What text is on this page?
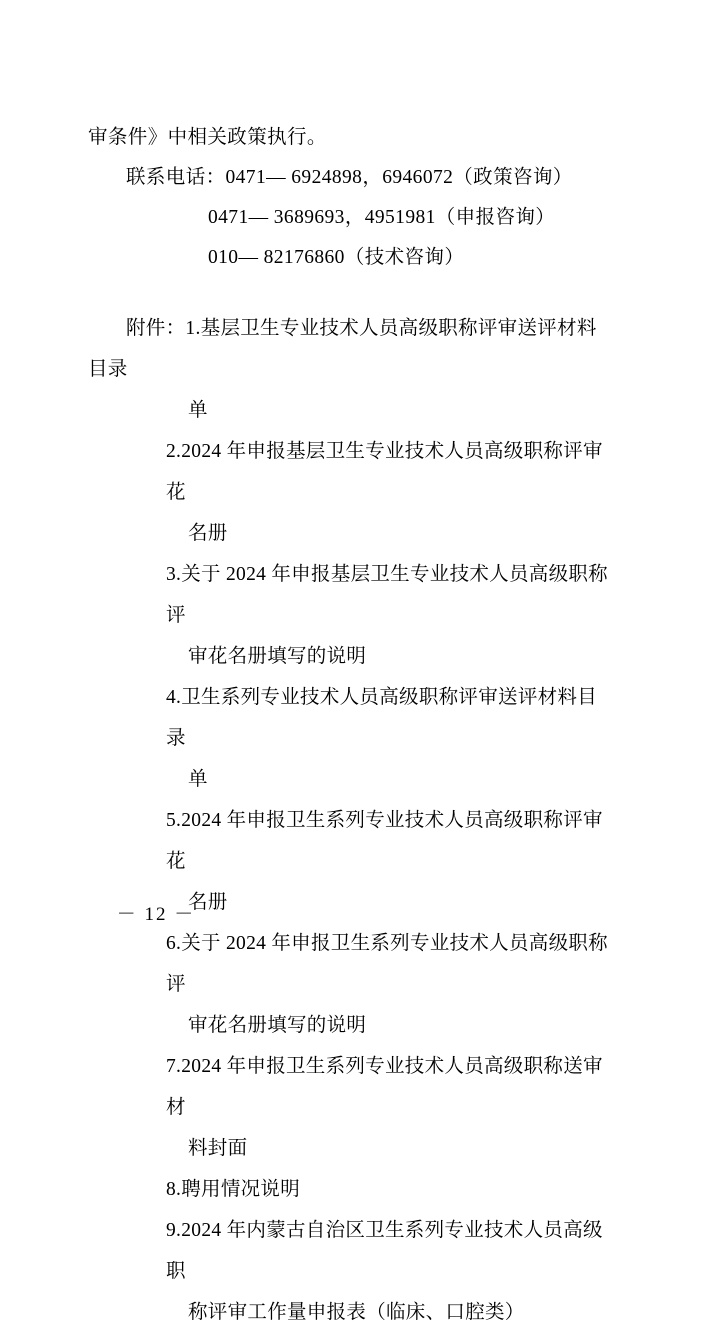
审条件》中相关政策执行。
联系电话：0471— 6924898，6946072（政策咨询）
0471— 3689693，4951981（申报咨询）
010— 82176860（技术咨询）
附件：1.基层卫生专业技术人员高级职称评审送评材料目录
单
2.2024 年申报基层卫生专业技术人员高级职称评审花
名册
3.关于 2024 年申报基层卫生专业技术人员高级职称评
审花名册填写的说明
4.卫生系列专业技术人员高级职称评审送评材料目录
单
5.2024 年申报卫生系列专业技术人员高级职称评审花
名册
6.关于 2024 年申报卫生系列专业技术人员高级职称评
审花名册填写的说明
7.2024 年申报卫生系列专业技术人员高级职称送审材
料封面
8.聘用情况说明
9.2024 年内蒙古自治区卫生系列专业技术人员高级职
称评审工作量申报表（临床、口腔类）
－ 12 －
